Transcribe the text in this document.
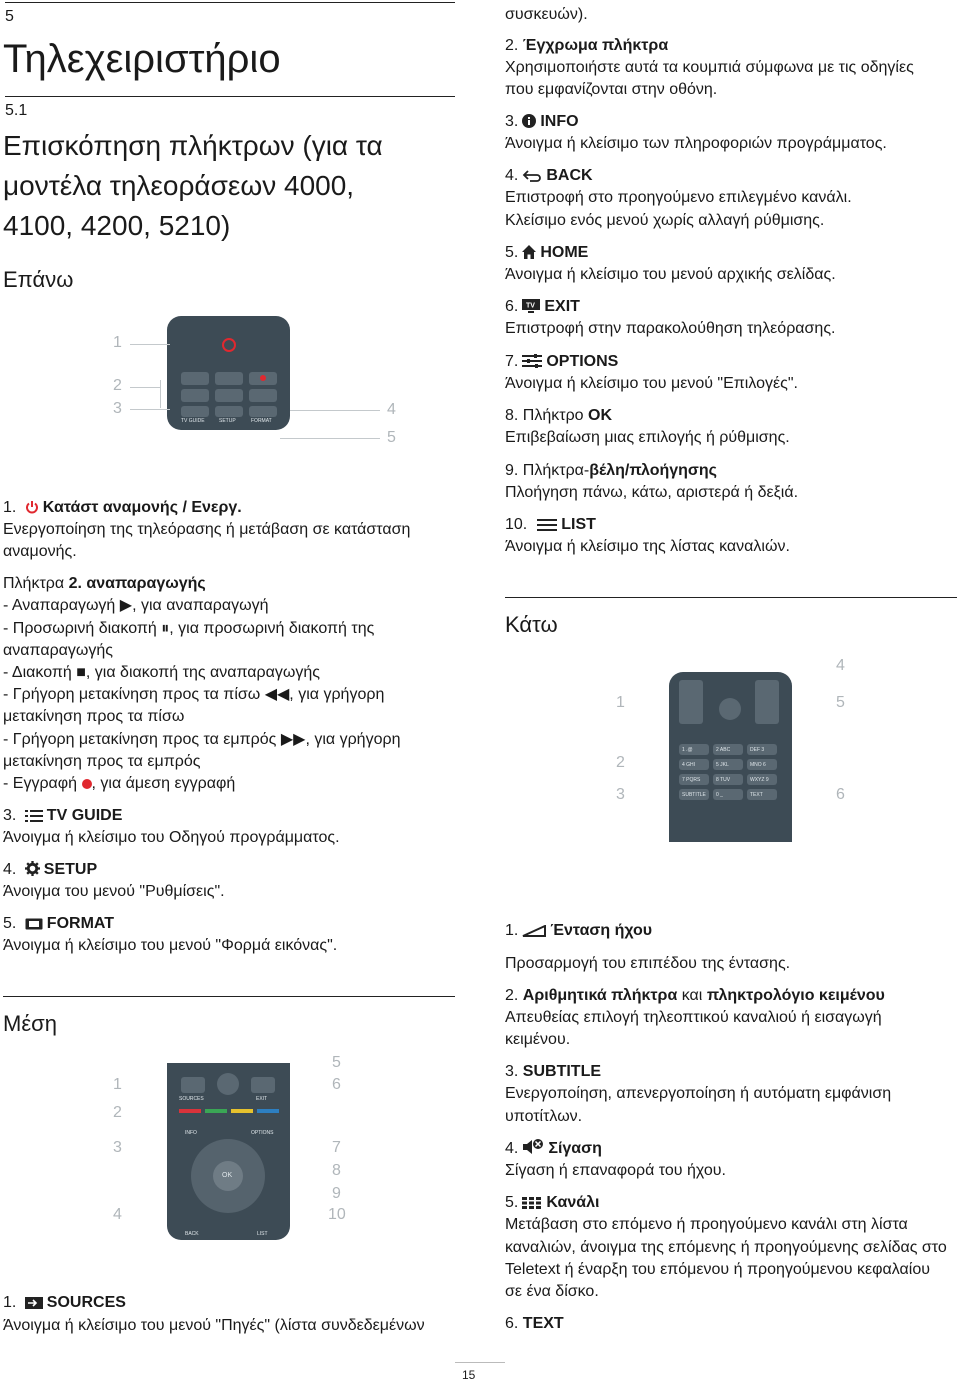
5
Τηλεχειριστήριο
5.1
Επισκόπηση πλήκτρων (για τα
μοντέλα τηλεοράσεων 4000,
4100, 4200, 5210)
Επάνω
TV GUIDE	SETUP	FORMAT
1
2
3	4
5
1. Κατάστ αναμονής / Ενεργ.
Ενεργοποίηση της τηλεόρασης ή μετάβαση σε κατάσταση
αναμονής.
Πλήκτρα 2. αναπαραγωγής
- Αναπαραγωγή ▶, για αναπαραγωγή
- Προσωρινή διακοπή ⏸, για προσωρινή διακοπή της
αναπαραγωγής
- Διακοπή ■, για διακοπή της αναπαραγωγής
- Γρήγορη μετακίνηση προς τα πίσω ◀◀, για γρήγορη
μετακίνηση προς τα πίσω
- Γρήγορη μετακίνηση προς τα εμπρός ▶▶, για γρήγορη
μετακίνηση προς τα εμπρός
- Εγγραφή , για άμεση εγγραφή
3. TV GUIDE
Άνοιγμα ή κλείσιμο του Οδηγού προγράμματος.
4. SETUP
Άνοιγμα του μενού "Ρυθμίσεις".
5. FORMAT
Άνοιγμα ή κλείσιμο του μενού "Φορμά εικόνας".
Μέση
SOURCES	EXIT
INFO	OPTIONS
OK
BACK	LIST
1
2
3
4
5
6
7
8
9
10
1. SOURCES
Άνοιγμα ή κλείσιμο του μενού "Πηγές" (λίστα συνδεδεμένων
συσκευών).
2. Έγχρωμα πλήκτρα
Χρησιμοποιήστε αυτά τα κουμπιά σύμφωνα με τις οδηγίες
που εμφανίζονται στην οθόνη.
3. INFO
Άνοιγμα ή κλείσιμο των πληροφοριών προγράμματος.
4. BACK
Επιστροφή στο προηγούμενο επιλεγμένο κανάλι.
Κλείσιμο ενός μενού χωρίς αλλαγή ρύθμισης.
5. HOME
Άνοιγμα ή κλείσιμο του μενού αρχικής σελίδας.
6. TV EXIT
Επιστροφή στην παρακολούθηση τηλεόρασης.
7. OPTIONS
Άνοιγμα ή κλείσιμο του μενού "Επιλογές".
8. Πλήκτρο OK
Επιβεβαίωση μιας επιλογής ή ρύθμισης.
9. Πλήκτρα-βέλη/πλοήγησης
Πλοήγηση πάνω, κάτω, αριστερά ή δεξιά.
10. LIST
Άνοιγμα ή κλείσιμο της λίστας καναλιών.
Κάτω
1 .@	2 ABC	DEF 3
4 GHI	5 JKL	MNO 6
7 PQRS	8 TUV	WXYZ 9
SUBTITLE 0 _	TEXT
1
2
3
4
5
6
1. Ένταση ήχου
Προσαρμογή του επιπέδου της έντασης.
2. Αριθμητικά πλήκτρα και πληκτρολόγιο κειμένου
Απευθείας επιλογή τηλεοπτικού καναλιού ή εισαγωγή
κειμένου.
3. SUBTITLE
Ενεργοποίηση, απενεργοποίηση ή αυτόματη εμφάνιση
υποτίτλων.
4. Σίγαση
Σίγαση ή επαναφορά του ήχου.
5. Κανάλι
Μετάβαση στο επόμενο ή προηγούμενο κανάλι στη λίστα
καναλιών, άνοιγμα της επόμενης ή προηγούμενης σελίδας στο
Teletext ή έναρξη του επόμενου ή προηγούμενου κεφαλαίου
σε ένα δίσκο.
6. TEXT
15
